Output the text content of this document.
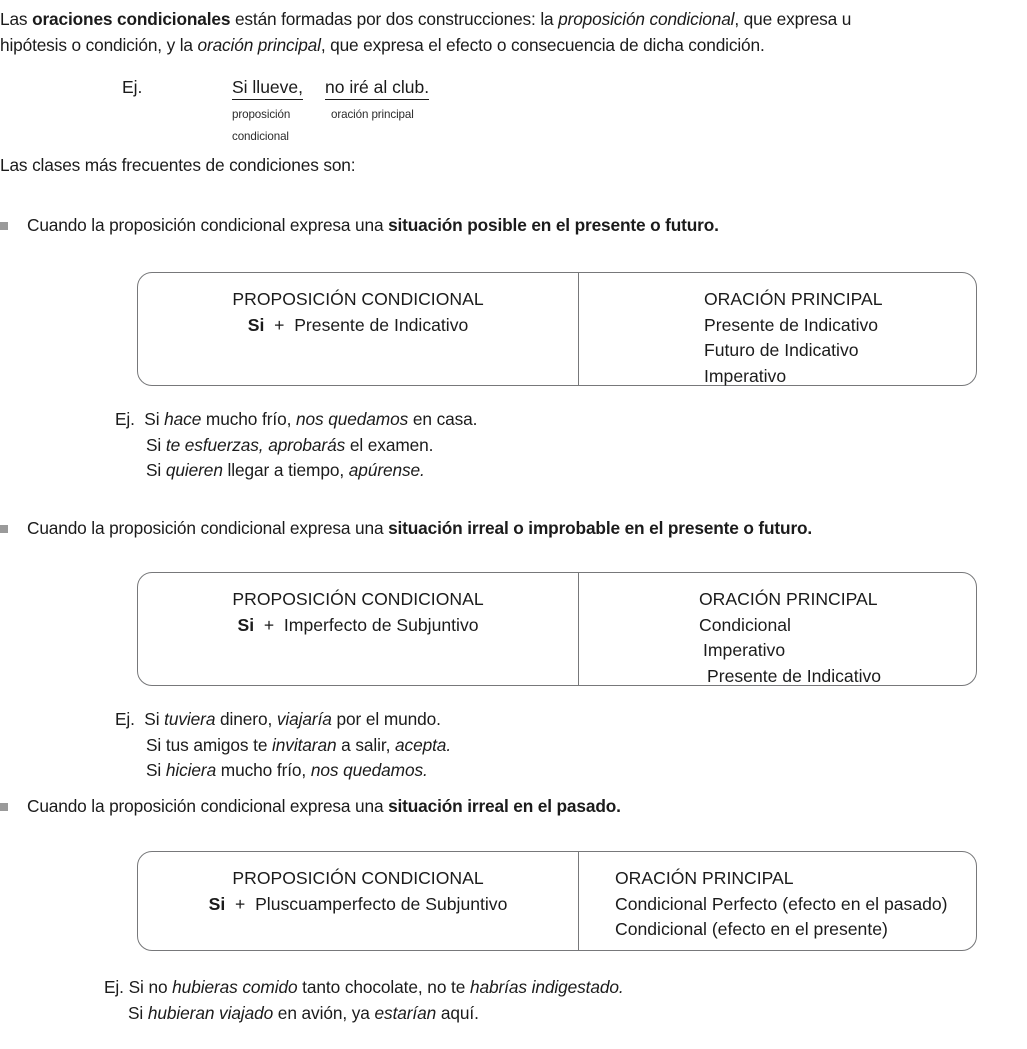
Las oraciones condicionales están formadas por dos construcciones: la proposición condicional, que expresa u
hipótesis o condición, y la oración principal, que expresa el efecto o consecuencia de dicha condición.
Ej.	Si llueve, no iré al club.
proposición condicional
oración principal
Las clases más frecuentes de condiciones son:
Cuando la proposición condicional expresa una situación posible en el presente o futuro.
PROPOSICIÓN CONDICIONAL
Si + Presente de Indicativo
ORACIÓN PRINCIPAL
Presente de Indicativo
Futuro de Indicativo
Imperativo
Ej. Si hace mucho frío, nos quedamos en casa.
Si te esfuerzas, aprobarás el examen.
Si quieren llegar a tiempo, apúrense.
Cuando la proposición condicional expresa una situación irreal o improbable en el presente o futuro.
PROPOSICIÓN CONDICIONAL
Si + Imperfecto de Subjuntivo
ORACIÓN PRINCIPAL
Condicional
Imperativo
Presente de Indicativo
Ej. Si tuviera dinero, viajaría por el mundo.
Si tus amigos te invitaran a salir, acepta.
Si hiciera mucho frío, nos quedamos.
Cuando la proposición condicional expresa una situación irreal en el pasado.
PROPOSICIÓN CONDICIONAL
Si + Pluscuamperfecto de Subjuntivo
ORACIÓN PRINCIPAL
Condicional Perfecto (efecto en el pasado)
Condicional (efecto en el presente)
Ej. Si no hubieras comido tanto chocolate, no te habrías indigestado.
Si hubieran viajado en avión, ya estarían aquí.
